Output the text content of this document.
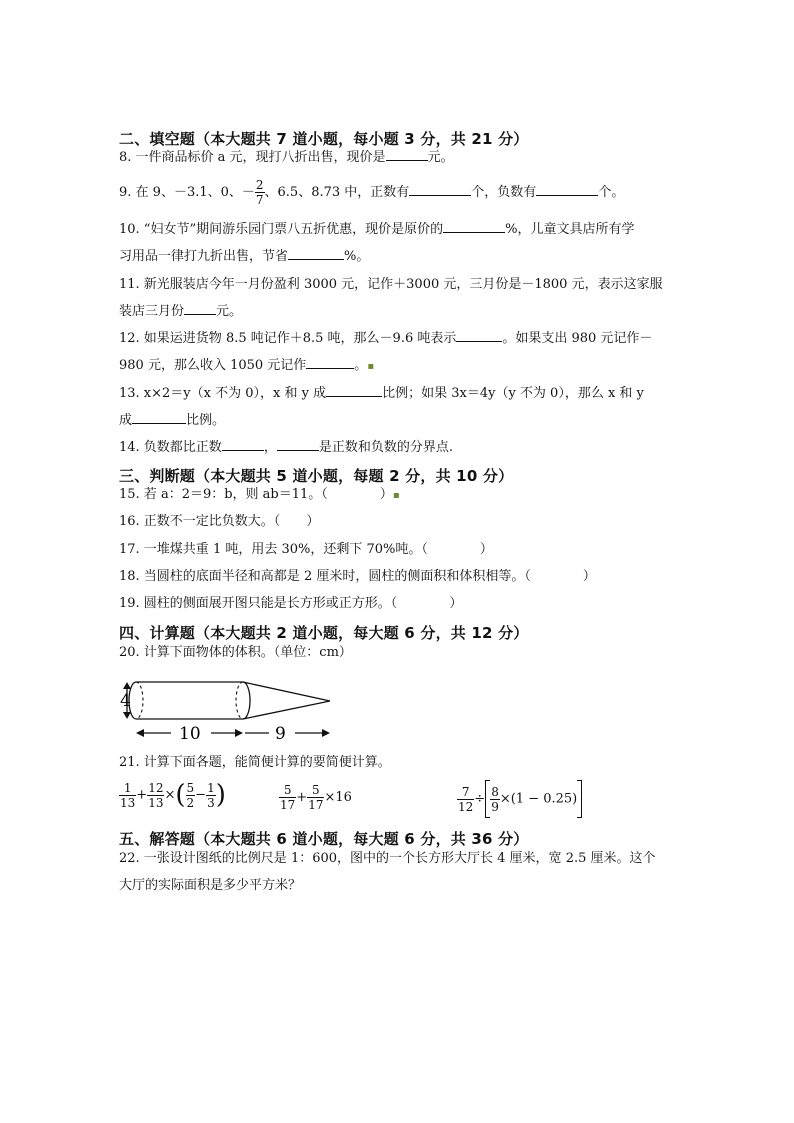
二、填空题（本大题共 7 道小题，每小题 3 分，共 21 分）
8. 一件商品标价 a 元，现打八折出售，现价是	元。
9. 在 9、－3.1、0、－ $\frac{2}{7}$ 、6.5、8.73 中，正数有	个，负数有	个。
10. “妇女节”期间游乐园门票八五折优惠，现价是原价的	%，儿童文具店所有学
习用品一律打九折出售，节省	%。
11. 新光服装店今年一月份盈利 3000 元，记作＋3000 元，三月份是－1800 元，表示这家服
装店三月份 元。
12. 如果运进货物 8.5 吨记作＋8.5 吨，那么－9.6 吨表示	。如果支出 980 元记作－
980 元，那么收入 1050 元记作	。▪
13. x×2＝y（x 不为 0），x 和 y 成	比例；如果 3x＝4y（y 不为 0），那么 x 和 y
成	比例。
14. 负数都比正数	，	是正数和负数的分界点.
三、判断题（本大题共 5 道小题，每题 2 分，共 10 分）
15. 若 a：2＝9：b，则 ab＝11。（	）▪
16. 正数不一定比负数大。（ ）
17. 一堆煤共重 1 吨，用去 30%，还剩下 70%吨。（	）
18. 当圆柱的底面半径和高都是 2 厘米时，圆柱的侧面积和体积相等。（	）
19. 圆柱的侧面展开图只能是长方形或正方形。（	）
四、计算题（本大题共 2 道小题，每大题 6 分，共 12 分）
20. 计算下面物体的体积。（单位：cm）
4
10	9
21. 计算下面各题，能简便计算的要简便计算。
$\frac{1}{13} + \frac{12}{13}$ ×( $\frac{5}{2} - \frac{1}{3}$ )	$\frac{5}{17} + \frac{5}{17} \times 16$	$\frac{7}{12} \div \frac{8}{9} \times(1 - 0.25)$
五、解答题（本大题共 6 道小题，每大题 6 分，共 36 分）
22. 一张设计图纸的比例尺是 1：600，图中的一个长方形大厅长 4 厘米，宽 2.5 厘米。这个
大厅的实际面积是多少平方米？
